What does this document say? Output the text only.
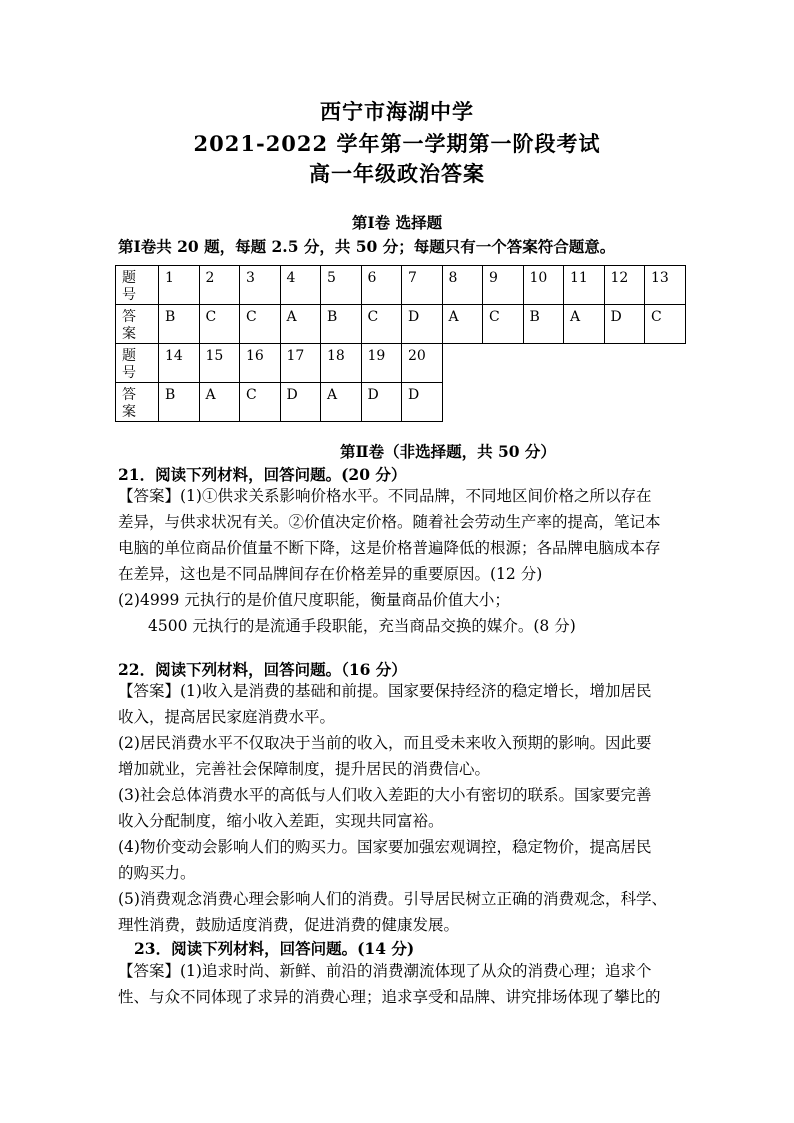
西宁市海湖中学
2021-2022 学年第一学期第一阶段考试
高一年级政治答案
第Ⅰ卷 选择题
第Ⅰ卷共 20 题，每题 2.5 分，共 50 分；每题只有一个答案符合题意。
题
号	1	2	3	4	5	6	7	8	9	10	11	12	13
答
案	B	C	C	A	B	C	D	A	C	B	A	D	C
题
号	14	15	16	17	18	19	20						
答
案	B	A	C	D	A	D	D						
第Ⅱ卷（非选择题，共 50 分）
21．阅读下列材料，回答问题。(20 分）
【答案】(1)①供求关系影响价格水平。不同品牌，不同地区间价格之所以存在
差异，与供求状况有关。②价值决定价格。随着社会劳动生产率的提高，笔记本
电脑的单位商品价值量不断下降，这是价格普遍降低的根源；各品牌电脑成本存
在差异，这也是不同品牌间存在价格差异的重要原因。(12 分)
(2)4999 元执行的是价值尺度职能，衡量商品价值大小；
4500 元执行的是流通手段职能，充当商品交换的媒介。(8 分)
22．阅读下列材料，回答问题。（16 分）
【答案】(1)收入是消费的基础和前提。国家要保持经济的稳定增长，增加居民
收入，提高居民家庭消费水平。
(2)居民消费水平不仅取决于当前的收入，而且受未来收入预期的影响。因此要
增加就业，完善社会保障制度，提升居民的消费信心。
(3)社会总体消费水平的高低与人们收入差距的大小有密切的联系。国家要完善
收入分配制度，缩小收入差距，实现共同富裕。
(4)物价变动会影响人们的购买力。国家要加强宏观调控，稳定物价，提高居民
的购买力。
(5)消费观念消费心理会影响人们的消费。引导居民树立正确的消费观念，科学、
理性消费，鼓励适度消费，促进消费的健康发展。
23．阅读下列材料，回答问题。(14 分)
【答案】(1)追求时尚、新鲜、前沿的消费潮流体现了从众的消费心理；追求个
性、与众不同体现了求异的消费心理；追求享受和品牌、讲究排场体现了攀比的
